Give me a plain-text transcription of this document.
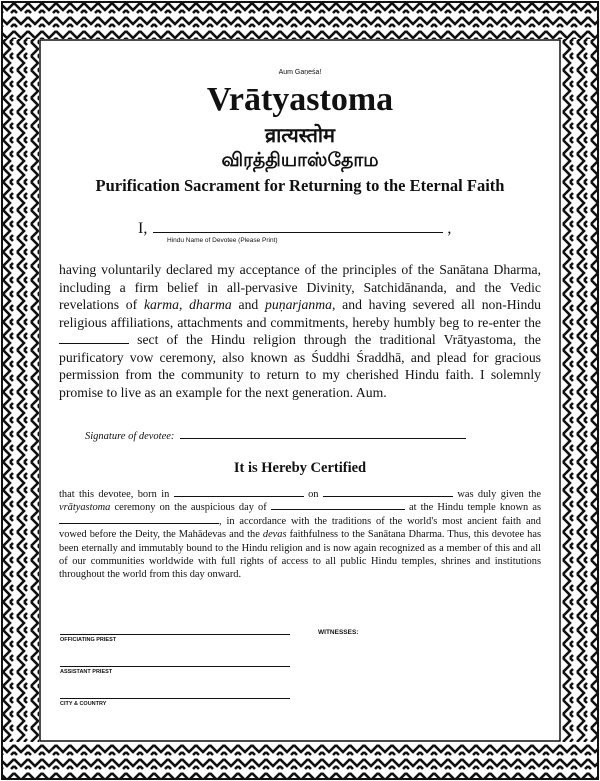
Aum Gaṇeśa!

Vrātyastoma

व्रात्यस्तोम

விரத்தியாஸ்தோம

Purification Sacrament for Returning to the Eternal Faith

I,	,

Hindu Name of Devotee (Please Print)

having voluntarily declared my acceptance of the principles of the Sanātana Dharma, including a firm belief in all-pervasive Divinity, Satchidānanda, and the Vedic revelations of karma, dharma and puṇarjanma, and having severed all non-Hindu religious affiliations, attachments and commitments, hereby humbly beg to re-enter the  sect of the Hindu religion through the traditional Vrātyastoma, the purificatory vow ceremony, also known as Śuddhi Śraddhā, and plead for gracious permission from the community to return to my cherished Hindu faith. I solemnly promise to live as an example for the next generation. Aum.

Signature of devotee:

It is Hereby Certified

that this devotee, born in	on	was duly given the vrātyastoma ceremony on the auspicious day of	at the Hindu temple known as , in accordance with the traditions of the world's most ancient faith and vowed before the Deity, the Mahādevas and the devas faithfulness to the Sanātana Dharma. Thus, this devotee has been eternally and immutably bound to the Hindu religion and is now again recognized as a member of this and all of our communities worldwide with full rights of access to all public Hindu temples, shrines and institutions throughout the world from this day onward.

OFFICIATING PRIEST

ASSISTANT PRIEST

CITY & COUNTRY

WITNESSES:
